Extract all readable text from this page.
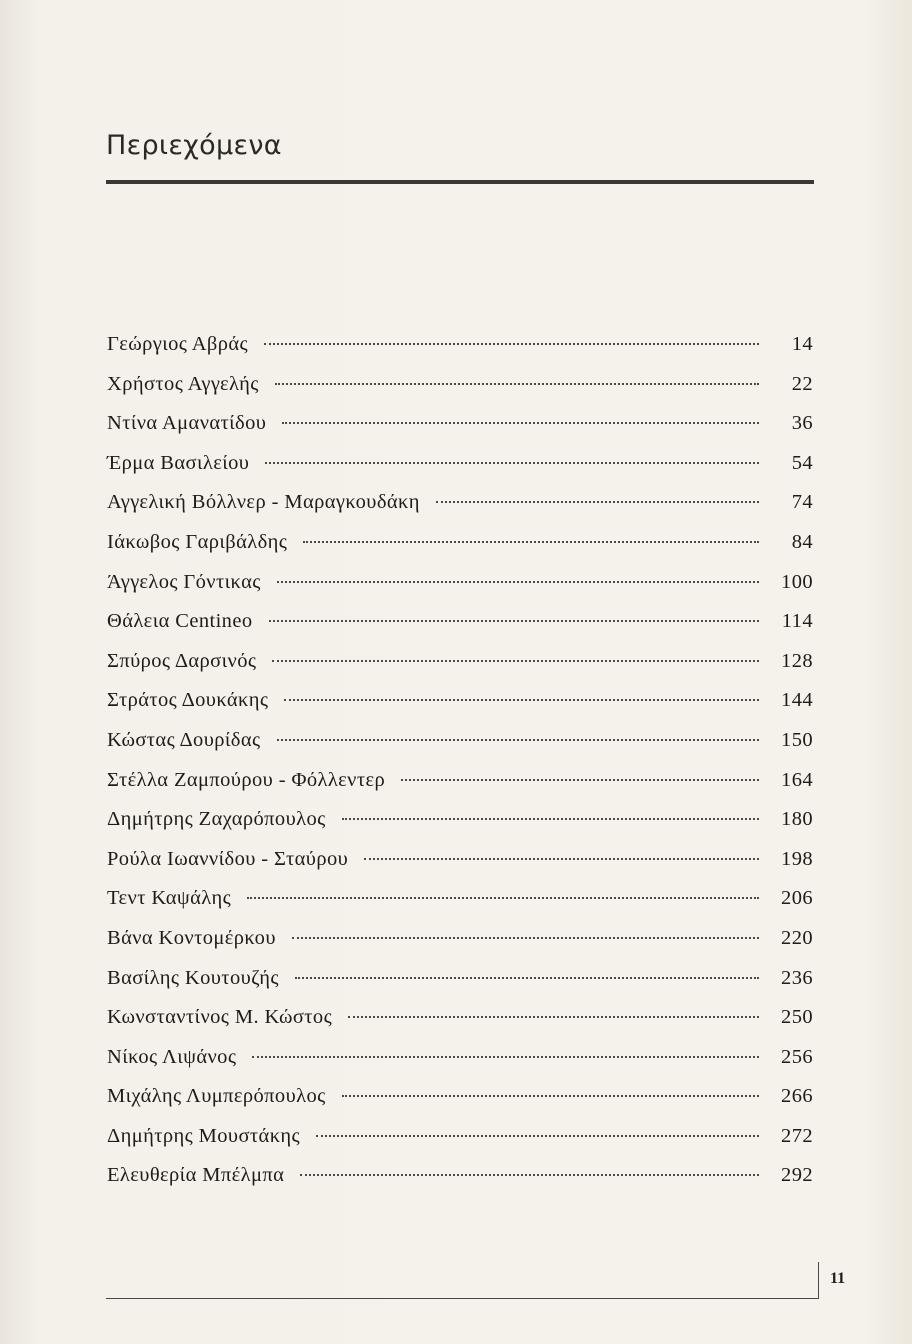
Περιεχόμενα
Γεώργιος Αβράς	14
Χρήστος Αγγελής	22
Ντίνα Αμανατίδου	36
Έρμα Βασιλείου	54
Αγγελική Βόλλνερ - Μαραγκουδάκη	74
Ιάκωβος Γαριβάλδης	84
Άγγελος Γόντικας	100
Θάλεια Centineo	114
Σπύρος Δαρσινός	128
Στράτος Δουκάκης	144
Κώστας Δουρίδας	150
Στέλλα Ζαμπούρου - Φόλλεντερ	164
Δημήτρης Ζαχαρόπουλος	180
Ρούλα Ιωαννίδου - Σταύρου	198
Τεντ Καψάλης	206
Βάνα Κοντομέρκου	220
Βασίλης Κουτουζής	236
Κωνσταντίνος Μ. Κώστος	250
Νίκος Λιψάνος	256
Μιχάλης Λυμπερόπουλος	266
Δημήτρης Μουστάκης	272
Ελευθερία Μπέλμπα	292
11
